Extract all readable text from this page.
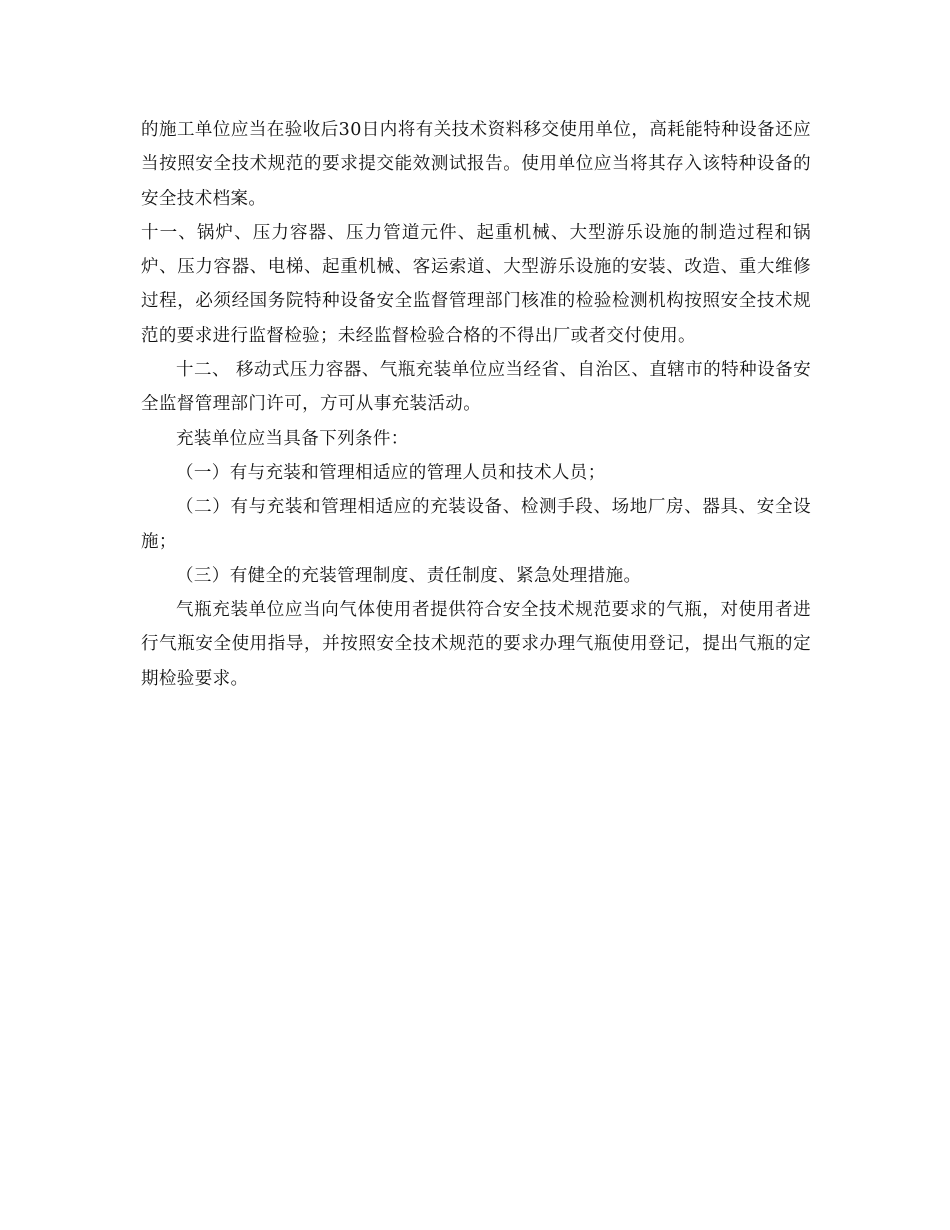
的施工单位应当在验收后30日内将有关技术资料移交使用单位，高耗能特种设备还应当按照安全技术规范的要求提交能效测试报告。使用单位应当将其存入该特种设备的安全技术档案。

十一、锅炉、压力容器、压力管道元件、起重机械、大型游乐设施的制造过程和锅炉、压力容器、电梯、起重机械、客运索道、大型游乐设施的安装、改造、重大维修过程，必须经国务院特种设备安全监督管理部门核准的检验检测机构按照安全技术规范的要求进行监督检验；未经监督检验合格的不得出厂或者交付使用。

十二、 移动式压力容器、气瓶充装单位应当经省、自治区、直辖市的特种设备安全监督管理部门许可，方可从事充装活动。

充装单位应当具备下列条件：

（一）有与充装和管理相适应的管理人员和技术人员；

（二）有与充装和管理相适应的充装设备、检测手段、场地厂房、器具、安全设施；

（三）有健全的充装管理制度、责任制度、紧急处理措施。

气瓶充装单位应当向气体使用者提供符合安全技术规范要求的气瓶，对使用者进行气瓶安全使用指导，并按照安全技术规范的要求办理气瓶使用登记，提出气瓶的定期检验要求。
